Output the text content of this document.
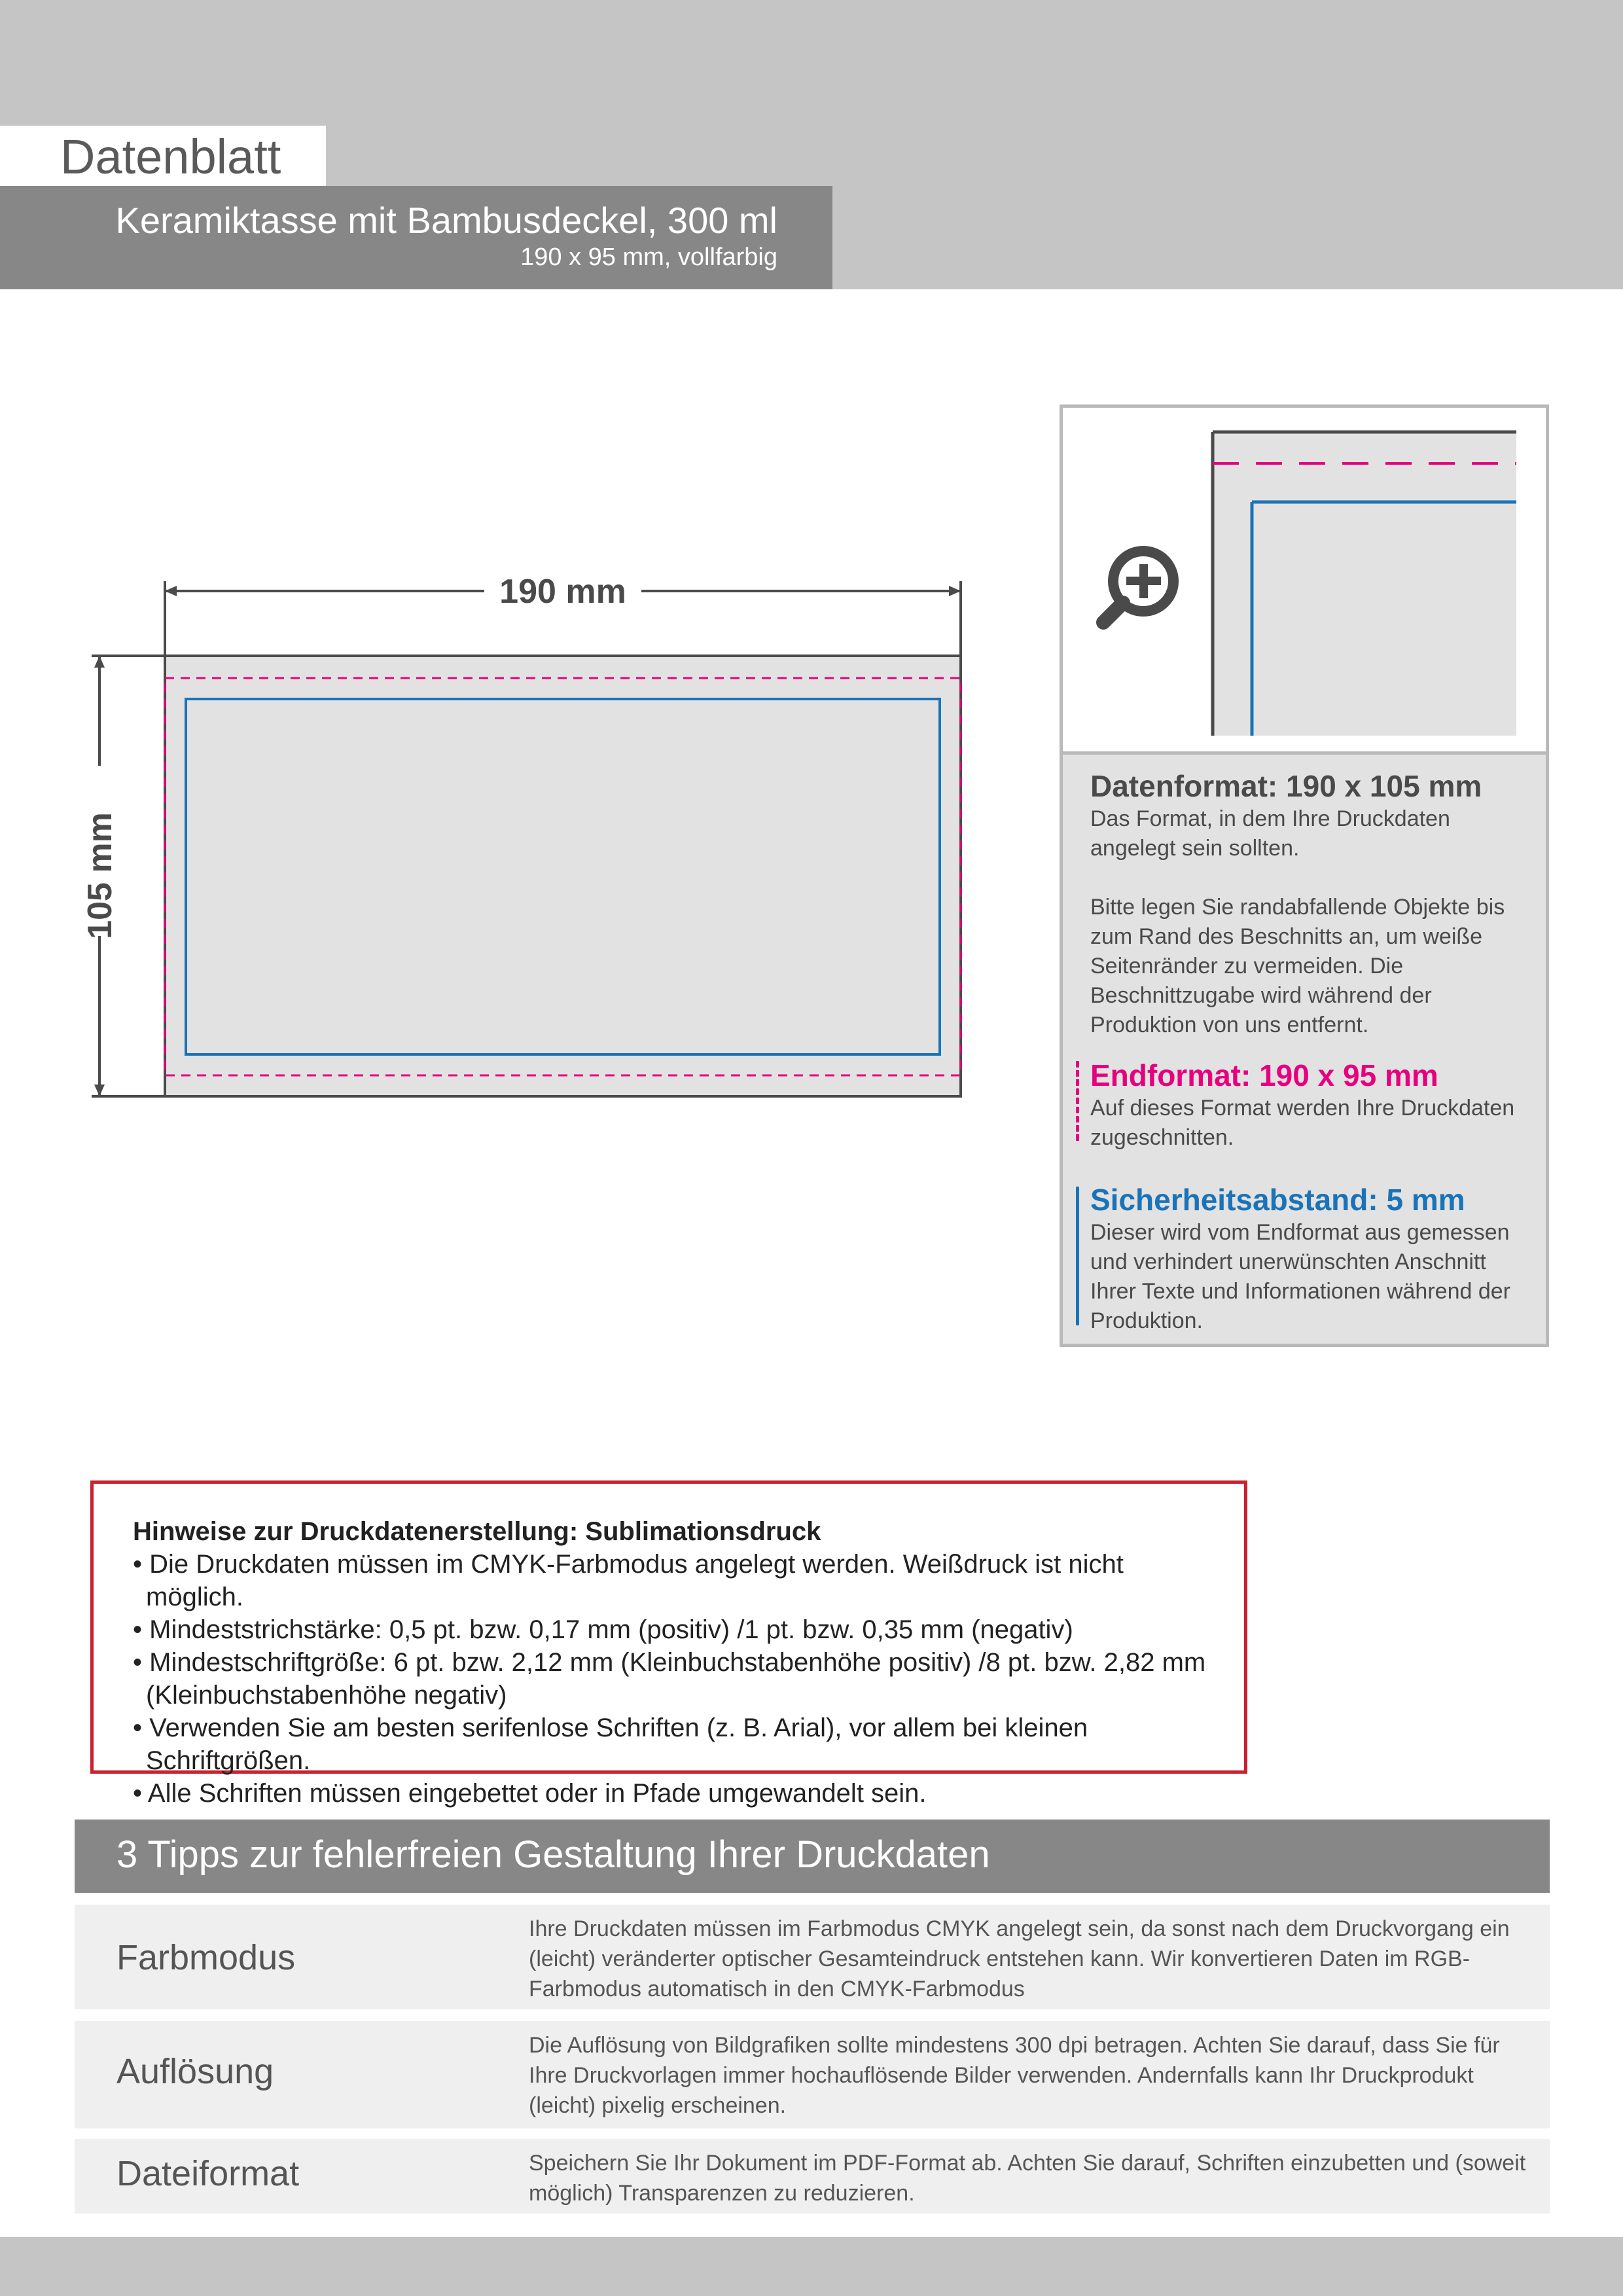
Datenblatt
Keramiktasse mit Bambusdeckel, 300 ml
190 x 95 mm, vollfarbig
190 mm
105 mm
Datenformat: 190 x 105 mm
Das Format, in dem Ihre Druckdaten angelegt sein sollten.
Bitte legen Sie randabfallende Objekte bis zum Rand des Beschnitts an, um weiße Seitenränder zu vermeiden. Die Beschnittzugabe wird während der Produktion von uns entfernt.
Endformat: 190 x 95 mm
Auf dieses Format werden Ihre Druckdaten zugeschnitten.
Sicherheitsabstand: 5 mm
Dieser wird vom Endformat aus gemessen und verhindert unerwünschten Anschnitt Ihrer Texte und Informationen während der Produktion.
Hinweise zur Druckdatenerstellung: Sublimationsdruck
• Die Druckdaten müssen im CMYK-Farbmodus angelegt werden. Weißdruck ist nicht möglich.
• Mindeststrichstärke: 0,5 pt. bzw. 0,17 mm (positiv) /1 pt. bzw. 0,35 mm (negativ)
• Mindestschriftgröße: 6 pt. bzw. 2,12 mm (Kleinbuchstabenhöhe positiv) /8 pt. bzw. 2,82 mm (Kleinbuchstabenhöhe negativ)
• Verwenden Sie am besten serifenlose Schriften (z. B. Arial), vor allem bei kleinen Schriftgrößen.
• Alle Schriften müssen eingebettet oder in Pfade umgewandelt sein.
3 Tipps zur fehlerfreien Gestaltung Ihrer Druckdaten
Farbmodus
Ihre Druckdaten müssen im Farbmodus CMYK angelegt sein, da sonst nach dem Druckvorgang ein (leicht) veränderter optischer Gesamteindruck entstehen kann. Wir konvertieren Daten im RGB-Farbmodus automatisch in den CMYK-Farbmodus
Auflösung
Die Auflösung von Bildgrafiken sollte mindestens 300 dpi betragen. Achten Sie darauf, dass Sie für Ihre Druckvorlagen immer hochauflösende Bilder verwenden. Andernfalls kann Ihr Druckprodukt (leicht) pixelig erscheinen.
Dateiformat	Speichern Sie Ihr Dokument im PDF-Format ab. Achten Sie darauf, Schriften einzubetten und (soweit möglich) Transparenzen zu reduzieren.
